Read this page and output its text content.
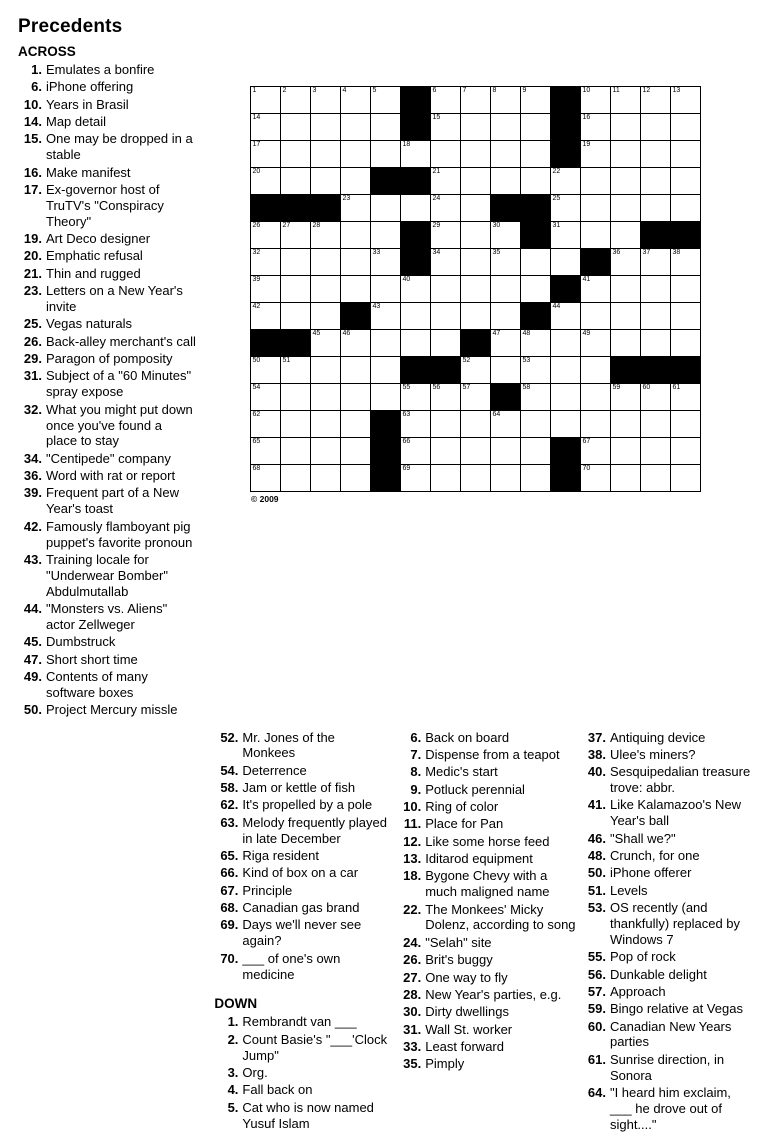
Precedents
ACROSS
1. Emulates a bonfire
6. iPhone offering
10. Years in Brasil
14. Map detail
15. One may be dropped in a stable
16. Make manifest
17. Ex-governor host of TruTV's "Conspiracy Theory"
19. Art Deco designer
20. Emphatic refusal
21. Thin and rugged
23. Letters on a New Year's invite
25. Vegas naturals
26. Back-alley merchant's call
29. Paragon of pomposity
31. Subject of a "60 Minutes" spray expose
32. What you might put down once you've found a place to stay
34. "Centipede" company
36. Word with rat or report
39. Frequent part of a New Year's toast
42. Famously flamboyant pig puppet's favorite pronoun
43. Training locale for "Underwear Bomber" Abdulmutallab
44. "Monsters vs. Aliens" actor Zellweger
45. Dumbstruck
47. Short short time
49. Contents of many software boxes
50. Project Mercury missle
1	2	3	4	5		6	7	8	9		10	11	12	13

14						15					16			

17					18						19			

20						21				22				

			23			24				25				

26	27	28				29		30		31				

32				33		34		35				36	37	38

39					40						41			

42				43						44				

		45	46					47	48		49			

50	51						52		53					

54					55	56	57		58			59	60	61

62					63			64						

65					66						67			

68					69						70			

© 2009
52. Mr. Jones of the Monkees
54. Deterrence
58. Jam or kettle of fish
62. It's propelled by a pole
63. Melody frequently played in late December
65. Riga resident
66. Kind of box on a car
67. Principle
68. Canadian gas brand
69. Days we'll never see again?
70. ___ of one's own medicine
DOWN
1. Rembrandt van ___
2. Count Basie's "___'Clock Jump"
3. Org.
4. Fall back on
5. Cat who is now named Yusuf Islam
6. Back on board
7. Dispense from a teapot
8. Medic's start
9. Potluck perennial
10. Ring of color
11. Place for Pan
12. Like some horse feed
13. Iditarod equipment
18. Bygone Chevy with a much maligned name
22. The Monkees' Micky Dolenz, according to song
24. "Selah" site
26. Brit's buggy
27. One way to fly
28. New Year's parties, e.g.
30. Dirty dwellings
31. Wall St. worker
33. Least forward
35. Pimply
37. Antiquing device
38. Ulee's miners?
40. Sesquipedalian treasure trove: abbr.
41. Like Kalamazoo's New Year's ball
46. "Shall we?"
48. Crunch, for one
50. iPhone offerer
51. Levels
53. OS recently (and thankfully) replaced by Windows 7
55. Pop of rock
56. Dunkable delight
57. Approach
59. Bingo relative at Vegas
60. Canadian New Years parties
61. Sunrise direction, in Sonora
64. "I heard him exclaim, ___ he drove out of sight...."
